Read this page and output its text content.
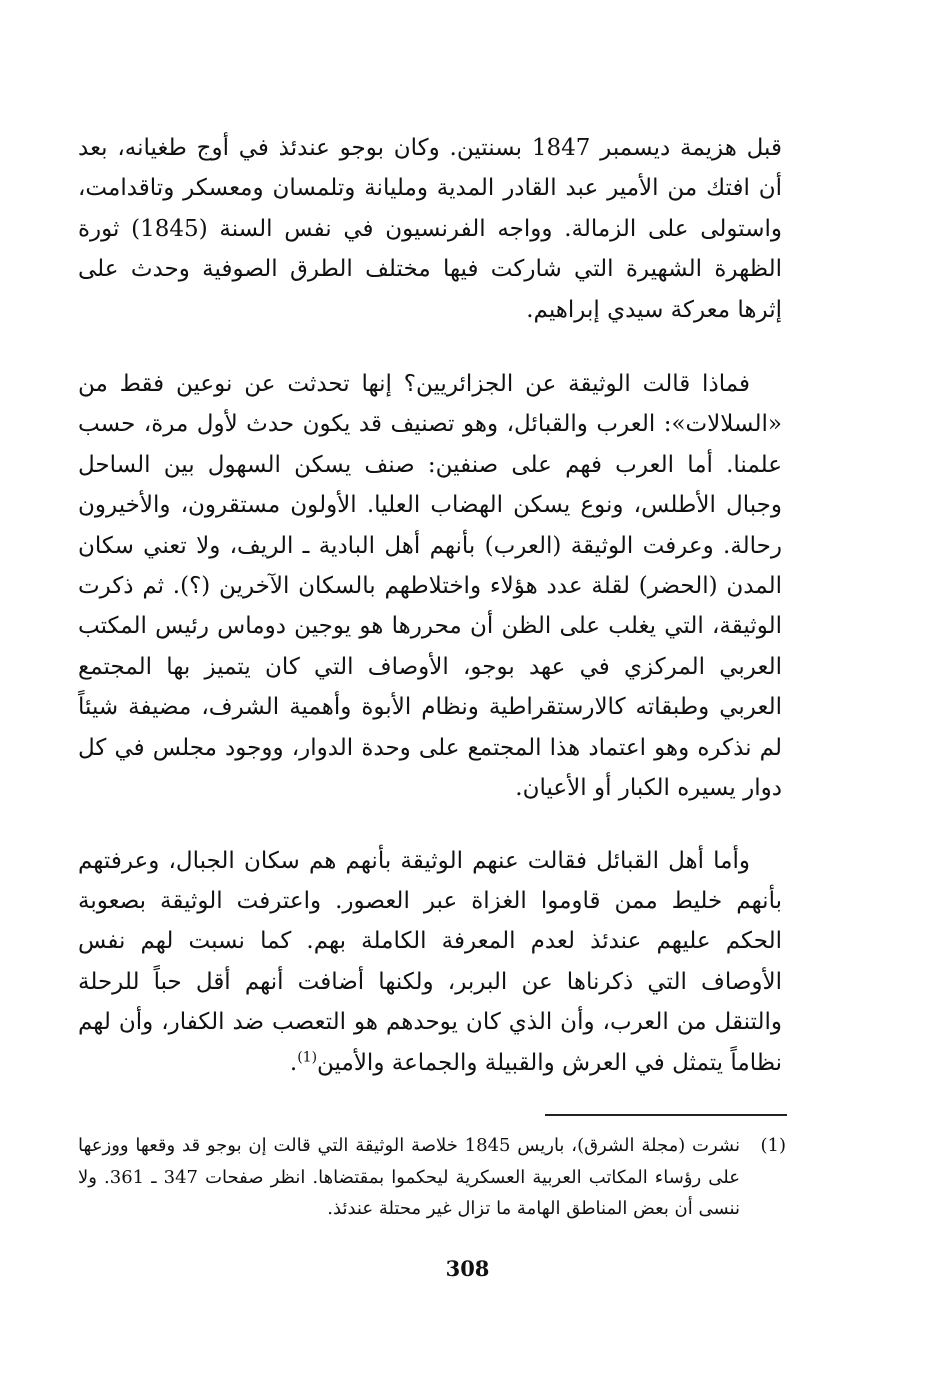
قبل هزيمة ديسمبر 1847 بسنتين. وكان بوجو عندئذ في أوج طغيانه، بعد أن افتك من الأمير عبد القادر المدية ومليانة وتلمسان ومعسكر وتاقدامت، واستولى على الزمالة. وواجه الفرنسيون في نفس السنة (1845) ثورة الظهرة الشهيرة التي شاركت فيها مختلف الطرق الصوفية وحدث على إثرها معركة سيدي إبراهيم.

فماذا قالت الوثيقة عن الجزائريين؟ إنها تحدثت عن نوعين فقط من «السلالات»: العرب والقبائل، وهو تصنيف قد يكون حدث لأول مرة، حسب علمنا. أما العرب فهم على صنفين: صنف يسكن السهول بين الساحل وجبال الأطلس، ونوع يسكن الهضاب العليا. الأولون مستقرون، والأخيرون رحالة. وعرفت الوثيقة (العرب) بأنهم أهل البادية ـ الريف، ولا تعني سكان المدن (الحضر) لقلة عدد هؤلاء واختلاطهم بالسكان الآخرين (؟). ثم ذكرت الوثيقة، التي يغلب على الظن أن محررها هو يوجين دوماس رئيس المكتب العربي المركزي في عهد بوجو، الأوصاف التي كان يتميز بها المجتمع العربي وطبقاته كالارستقراطية ونظام الأبوة وأهمية الشرف، مضيفة شيئاً لم نذكره وهو اعتماد هذا المجتمع على وحدة الدوار، ووجود مجلس في كل دوار يسيره الكبار أو الأعيان.

وأما أهل القبائل فقالت عنهم الوثيقة بأنهم هم سكان الجبال، وعرفتهم بأنهم خليط ممن قاوموا الغزاة عبر العصور. واعترفت الوثيقة بصعوبة الحكم عليهم عندئذ لعدم المعرفة الكاملة بهم. كما نسبت لهم نفس الأوصاف التي ذكرناها عن البربر، ولكنها أضافت أنهم أقل حباً للرحلة والتنقل من العرب، وأن الذي كان يوحدهم هو التعصب ضد الكفار، وأن لهم نظاماً يتمثل في العرش والقبيلة والجماعة والأمين$^{(1)}$.

(1)
نشرت (مجلة الشرق)، باريس 1845 خلاصة الوثيقة التي قالت إن بوجو قد وقعها ووزعها على رؤساء المكاتب العربية العسكرية ليحكموا بمقتضاها. انظر صفحات 347 ـ 361. ولا ننسى أن بعض المناطق الهامة ما تزال غير محتلة عندئذ.

308
